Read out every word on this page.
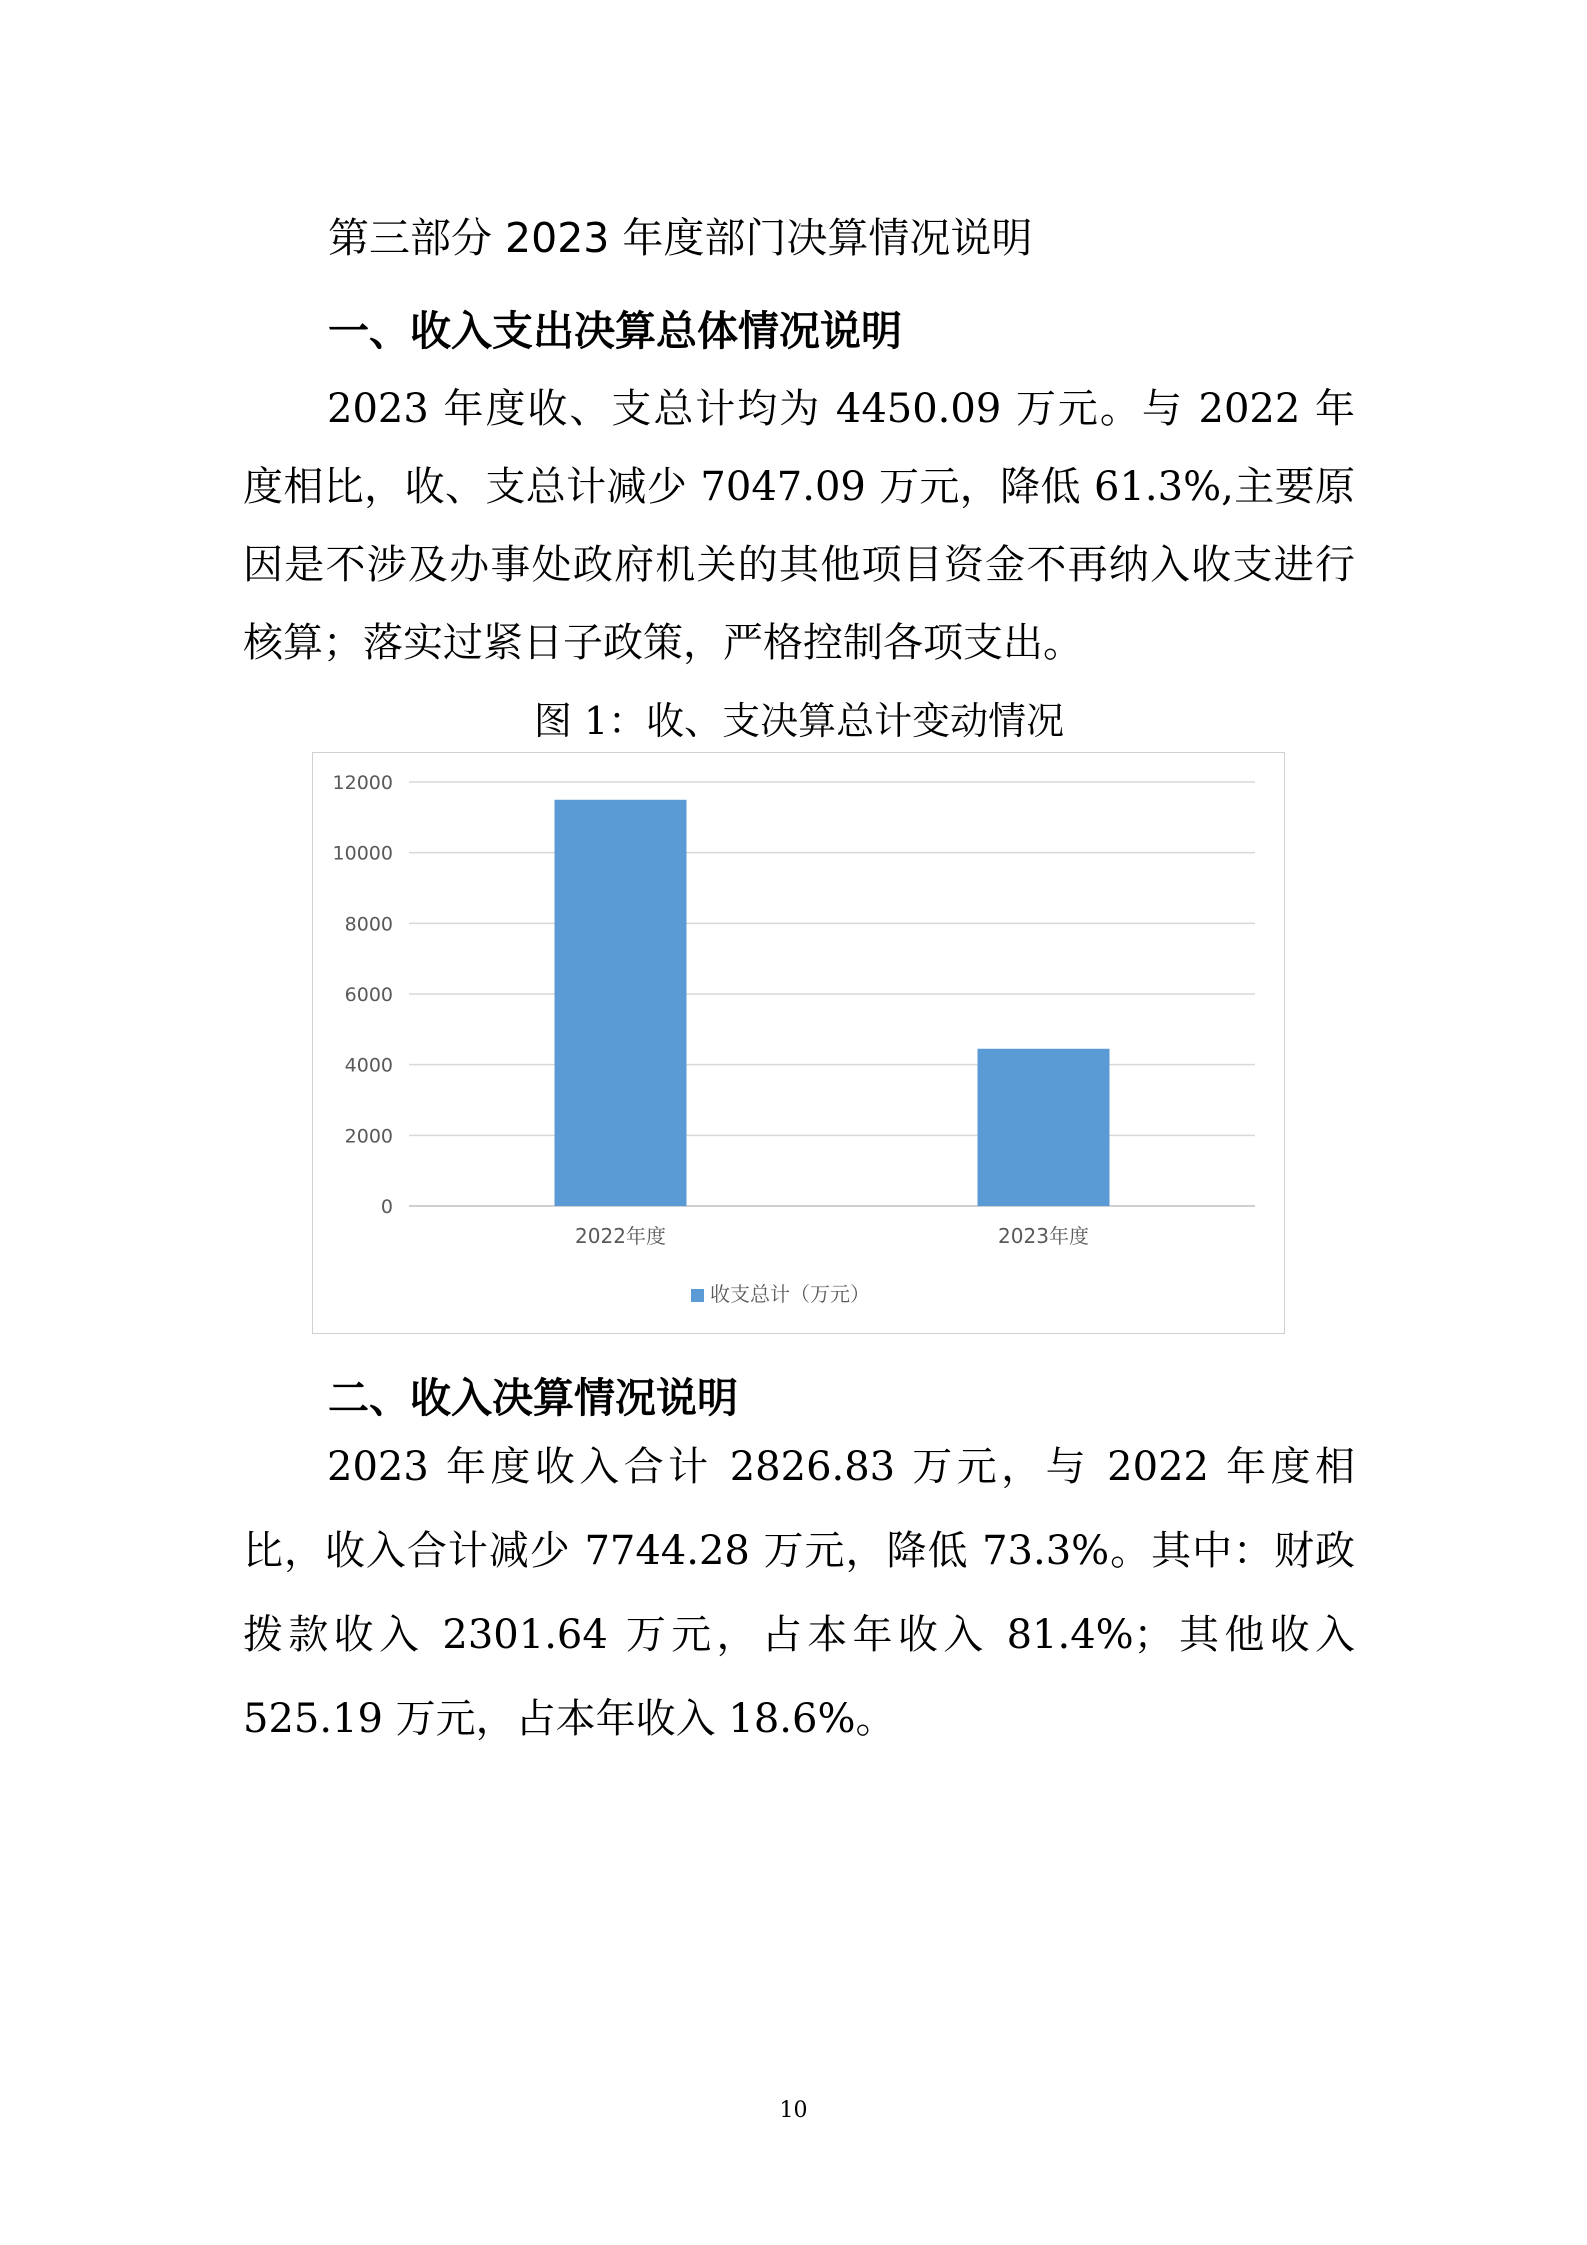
第三部分 2023 年度部门决算情况说明
一、收入支出决算总体情况说明

2023 年度收、支总计均为 4450.09 万元。与 2022 年度相比，收、支总计减少 7047.09 万元，降低 61.3%,主要原因是不涉及办事处政府机关的其他项目资金不再纳入收支进行核算；落实过紧日子政策，严格控制各项支出。

图 1：收、支决算总计变动情况
0
2000
4000
6000
8000
10000
12000
2022年度	2023年度
收支总计（万元）
二、收入决算情况说明

2023 年度收入合计 2826.83 万元，与 2022 年度相比，收入合计减少 7744.28 万元，降低 73.3%。其中：财政拨款收入 2301.64 万元，占本年收入 81.4%；其他收入 525.19 万元，占本年收入 18.6%。

10
